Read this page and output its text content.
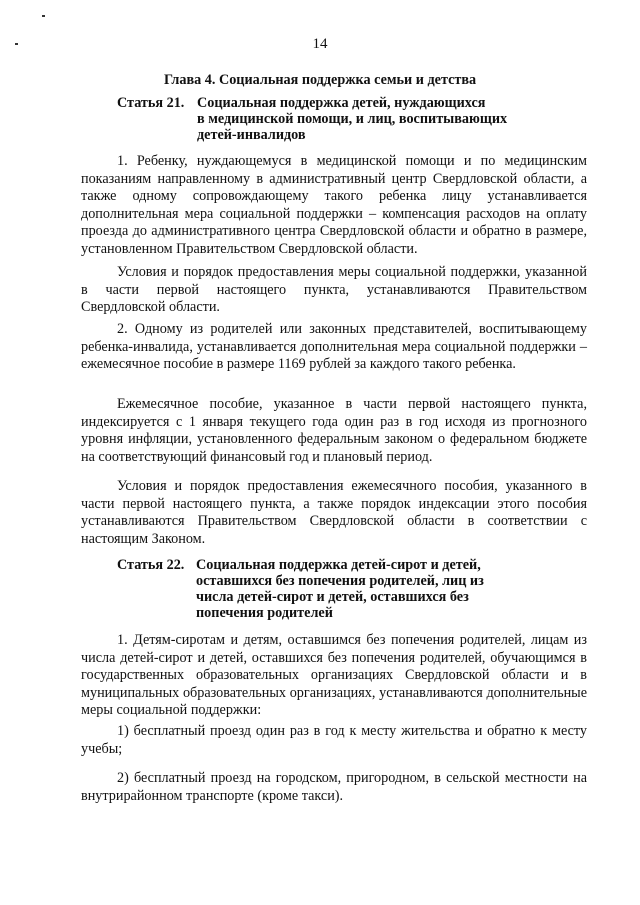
14
Глава 4. Социальная поддержка семьи и детства
Статья 21. Социальная поддержка детей, нуждающихся
в медицинской помощи, и лиц, воспитывающих
детей-инвалидов

1. Ребенку, нуждающемуся в медицинской помощи и по медицинским показаниям направленному в административный центр Свердловской области, а также одному сопровождающему такого ребенка лицу устанавливается дополнительная мера социальной поддержки – компенсация расходов на оплату проезда до административного центра Свердловской области и обратно в размере, установленном Правительством Свердловской области.

Условия и порядок предоставления меры социальной поддержки, указанной в части первой настоящего пункта, устанавливаются Правительством Свердловской области.

2. Одному из родителей или законных представителей, воспитывающему ребенка-инвалида, устанавливается дополнительная мера социальной поддержки – ежемесячное пособие в размере 1169 рублей за каждого такого ребенка.

Ежемесячное пособие, указанное в части первой настоящего пункта, индексируется с 1 января текущего года один раз в год исходя из прогнозного уровня инфляции, установленного федеральным законом о федеральном бюджете на соответствующий финансовый год и плановый период.

Условия и порядок предоставления ежемесячного пособия, указанного в части первой настоящего пункта, а также порядок индексации этого пособия устанавливаются Правительством Свердловской области в соответствии с настоящим Законом.

Статья 22. Социальная поддержка детей-сирот и детей,
оставшихся без попечения родителей, лиц из
числа детей-сирот и детей, оставшихся без
попечения родителей

1. Детям-сиротам и детям, оставшимся без попечения родителей, лицам из числа детей-сирот и детей, оставшихся без попечения родителей, обучающимся в государственных образовательных организациях Свердловской области и в муниципальных образовательных организациях, устанавливаются дополнительные меры социальной поддержки:

1) бесплатный проезд один раз в год к месту жительства и обратно к месту учебы;

2) бесплатный проезд на городском, пригородном, в сельской местности на внутрирайонном транспорте (кроме такси).
